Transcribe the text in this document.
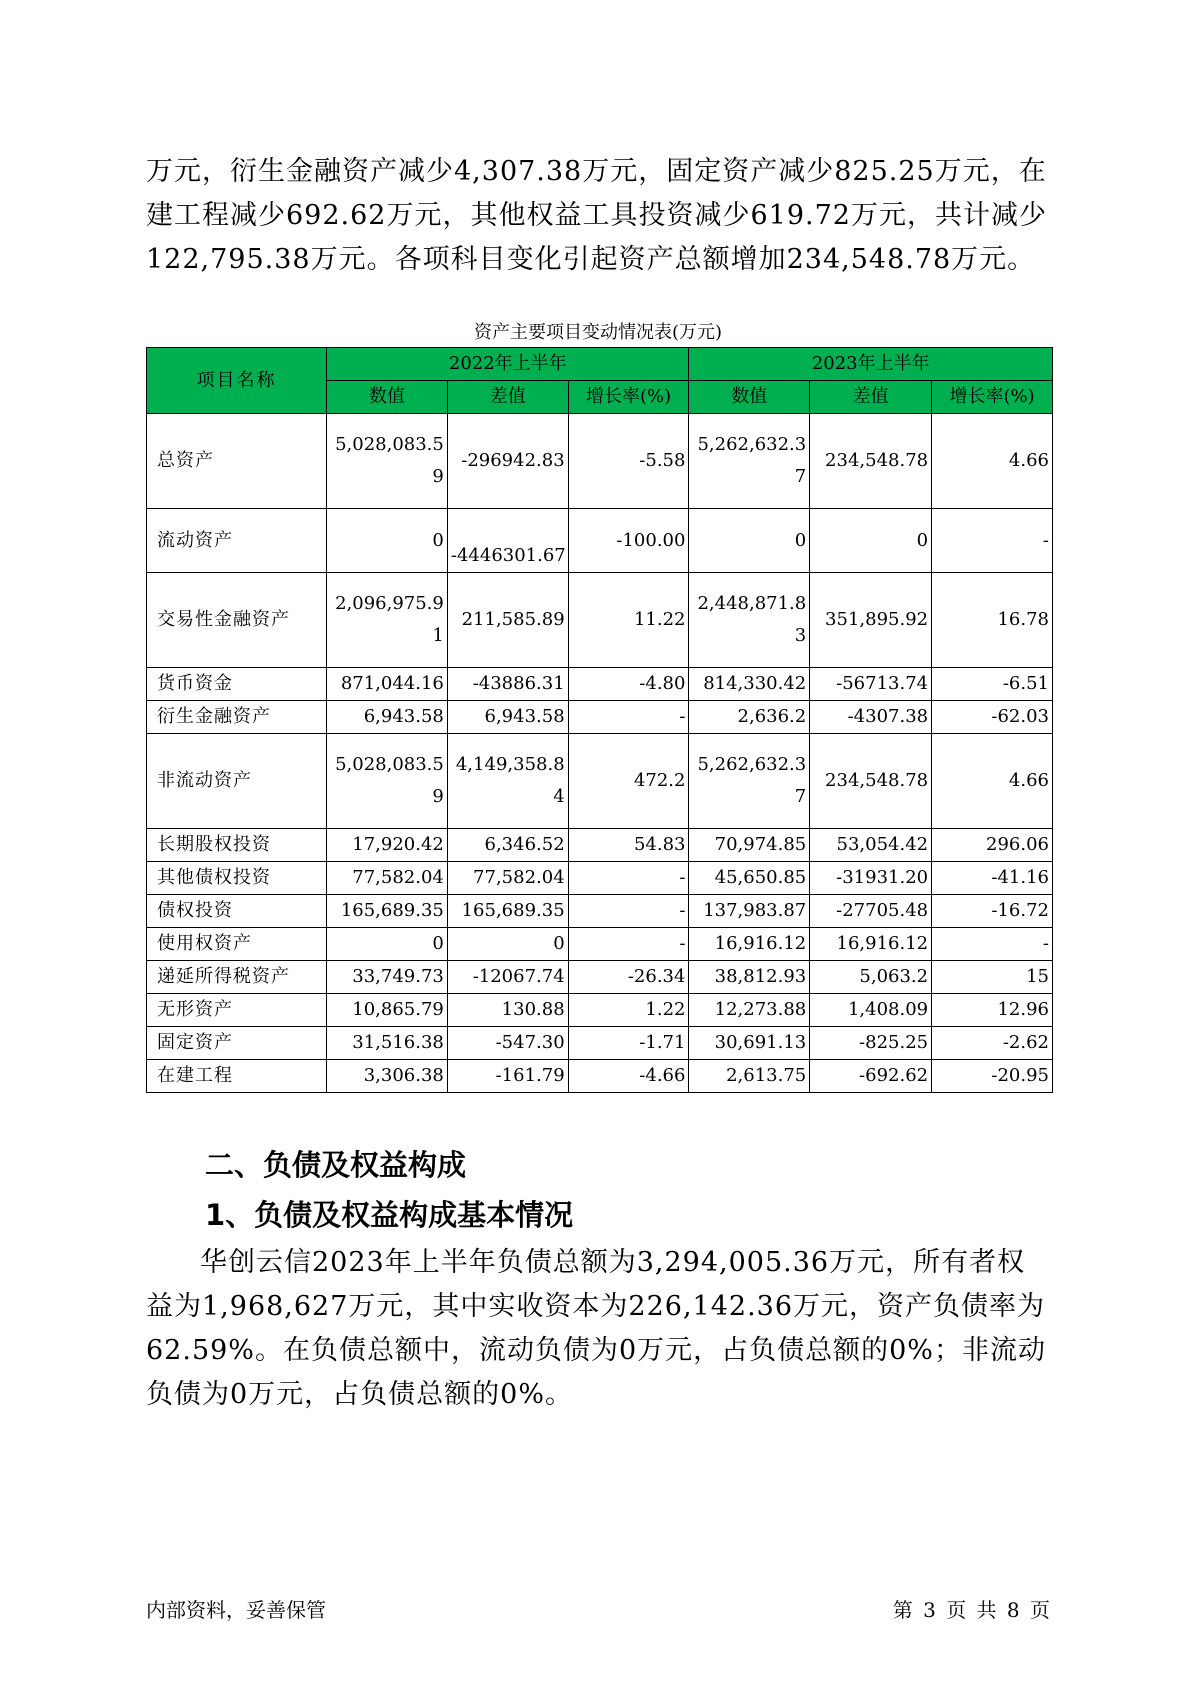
万元，衍生金融资产减少4,307.38万元，固定资产减少825.25万元，在建工程减少692.62万元，其他权益工具投资减少619.72万元，共计减少122,795.38万元。各项科目变化引起资产总额增加234,548.78万元。

资产主要项目变动情况表(万元)

项目名称	2022年上半年			2023年上半年		
	数值	差值	增长率(%)	数值	差值	增长率(%)
总资产	5,028,083.59	-296942.83	-5.58	5,262,632.37	234,548.78	4.66
流动资产	0	-4446301.67	-100.00	0	0	-
交易性金融资产	2,096,975.91	211,585.89	11.22	2,448,871.83	351,895.92	16.78
货币资金	871,044.16	-43886.31	-4.80	814,330.42	-56713.74	-6.51
衍生金融资产	6,943.58	6,943.58	-	2,636.2	-4307.38	-62.03
非流动资产	5,028,083.59	4,149,358.84	472.2	5,262,632.37	234,548.78	4.66
长期股权投资	17,920.42	6,346.52	54.83	70,974.85	53,054.42	296.06
其他债权投资	77,582.04	77,582.04	-	45,650.85	-31931.20	-41.16
债权投资	165,689.35	165,689.35	-	137,983.87	-27705.48	-16.72
使用权资产	0	0	-	16,916.12	16,916.12	-
递延所得税资产	33,749.73	-12067.74	-26.34	38,812.93	5,063.2	15
无形资产	10,865.79	130.88	1.22	12,273.88	1,408.09	12.96
固定资产	31,516.38	-547.30	-1.71	30,691.13	-825.25	-2.62
在建工程	3,306.38	-161.79	-4.66	2,613.75	-692.62	-20.95
二、负债及权益构成
1、负债及权益构成基本情况

华创云信2023年上半年负债总额为3,294,005.36万元，所有者权益为1,968,627万元，其中实收资本为226,142.36万元，资产负债率为62.59%。在负债总额中，流动负债为0万元，占负债总额的0%；非流动负债为0万元，占负债总额的0%。

内部资料，妥善保管	第 3 页 共 8 页
